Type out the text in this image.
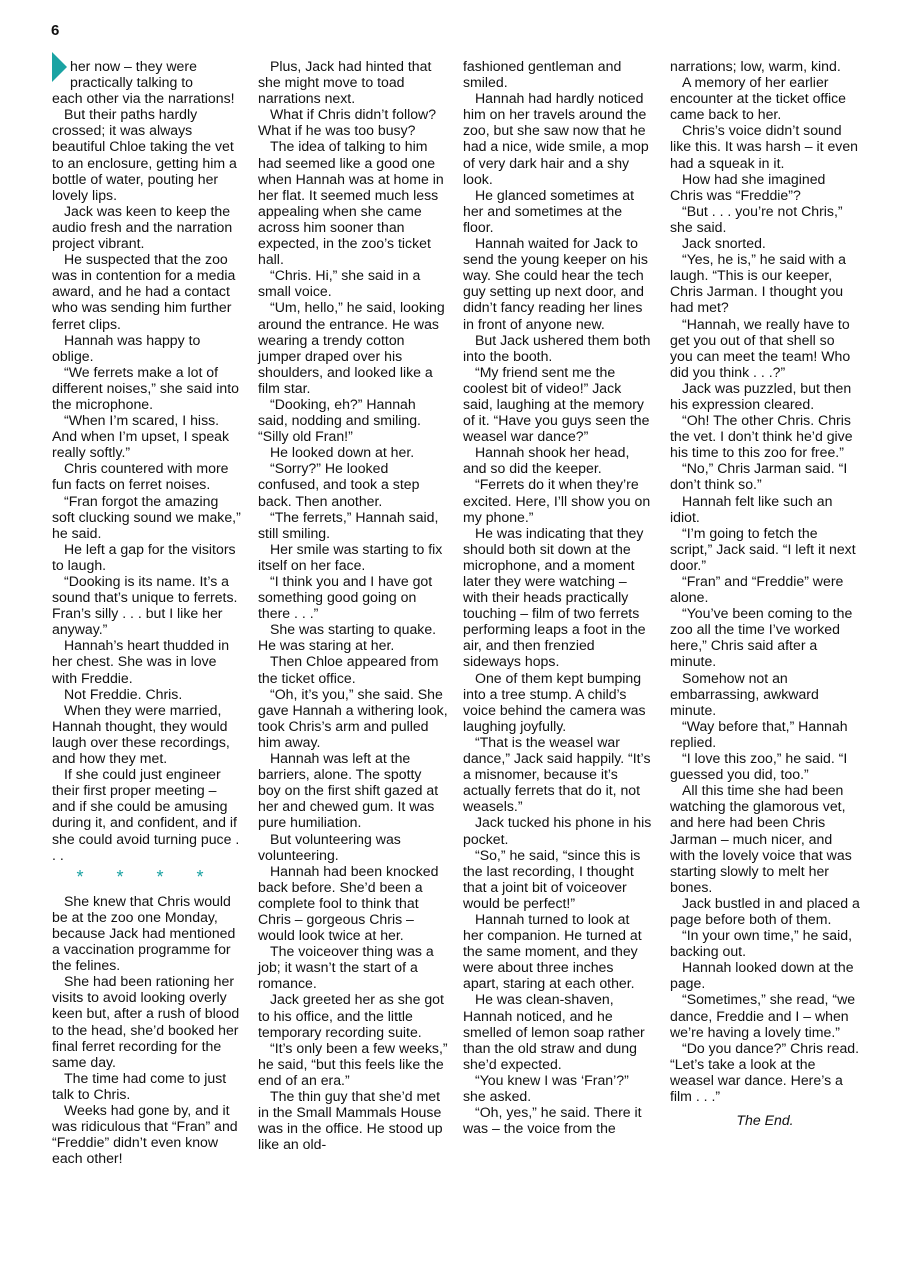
6

her now – they were

practically talking to

each other via the narrations!

But their paths hardly crossed; it was always beautiful Chloe taking the vet to an enclosure, getting him a bottle of water, pouting her lovely lips.

Jack was keen to keep the audio fresh and the narration project vibrant.

He suspected that the zoo was in contention for a media award, and he had a contact who was sending him further ferret clips.

Hannah was happy to oblige.

“We ferrets make a lot of different noises,” she said into the microphone.

“When I’m scared, I hiss. And when I’m upset, I speak really softly.”

Chris countered with more fun facts on ferret noises.

“Fran forgot the amazing soft clucking sound we make,” he said.

He left a gap for the visitors to laugh.

“Dooking is its name. It’s a sound that’s unique to ferrets. Fran’s silly . . . but I like her anyway.”

Hannah’s heart thudded in her chest. She was in love with Freddie.

Not Freddie. Chris.

When they were married, Hannah thought, they would laugh over these recordings, and how they met.

If she could just engineer their first proper meeting – and if she could be amusing during it, and confident, and if she could avoid turning puce . . .

* * * *

She knew that Chris would be at the zoo one Monday, because Jack had mentioned a vaccination programme for the felines.

She had been rationing her visits to avoid looking overly keen but, after a rush of blood to the head, she’d booked her final ferret recording for the same day.

The time had come to just talk to Chris.

Weeks had gone by, and it was ridiculous that “Fran” and “Freddie” didn’t even know each other!

Plus, Jack had hinted that she might move to toad narrations next.

What if Chris didn’t follow? What if he was too busy?

The idea of talking to him had seemed like a good one when Hannah was at home in her flat. It seemed much less appealing when she came across him sooner than expected, in the zoo’s ticket hall.

“Chris. Hi,” she said in a small voice.

“Um, hello,” he said, looking around the entrance. He was wearing a trendy cotton jumper draped over his shoulders, and looked like a film star.

“Dooking, eh?” Hannah said, nodding and smiling. “Silly old Fran!”

He looked down at her.

“Sorry?” He looked confused, and took a step back. Then another.

“The ferrets,” Hannah said, still smiling.

Her smile was starting to fix itself on her face.

“I think you and I have got something good going on there . . .”

She was starting to quake. He was staring at her.

Then Chloe appeared from the ticket office.

“Oh, it’s you,” she said. She gave Hannah a withering look, took Chris’s arm and pulled him away.

Hannah was left at the barriers, alone. The spotty boy on the first shift gazed at her and chewed gum. It was pure humiliation.

But volunteering was volunteering.

Hannah had been knocked back before. She’d been a complete fool to think that Chris – gorgeous Chris – would look twice at her.

The voiceover thing was a job; it wasn’t the start of a romance.

Jack greeted her as she got to his office, and the little temporary recording suite.

“It’s only been a few weeks,” he said, “but this feels like the end of an era.”

The thin guy that she’d met in the Small Mammals House was in the office. He stood up like an old-

fashioned gentleman and smiled.

Hannah had hardly noticed him on her travels around the zoo, but she saw now that he had a nice, wide smile, a mop of very dark hair and a shy look.

He glanced sometimes at her and sometimes at the floor.

Hannah waited for Jack to send the young keeper on his way. She could hear the tech guy setting up next door, and didn’t fancy reading her lines in front of anyone new.

But Jack ushered them both into the booth.

“My friend sent me the coolest bit of video!” Jack said, laughing at the memory of it. “Have you guys seen the weasel war dance?”

Hannah shook her head, and so did the keeper.

“Ferrets do it when they’re excited. Here, I’ll show you on my phone.”

He was indicating that they should both sit down at the microphone, and a moment later they were watching – with their heads practically touching – film of two ferrets performing leaps a foot in the air, and then frenzied sideways hops.

One of them kept bumping into a tree stump. A child’s voice behind the camera was laughing joyfully.

“That is the weasel war dance,” Jack said happily. “It’s a misnomer, because it’s actually ferrets that do it, not weasels.”

Jack tucked his phone in his pocket.

“So,” he said, “since this is the last recording, I thought that a joint bit of voiceover would be perfect!”

Hannah turned to look at her companion. He turned at the same moment, and they were about three inches apart, staring at each other.

He was clean-shaven, Hannah noticed, and he smelled of lemon soap rather than the old straw and dung she’d expected.

“You knew I was ‘Fran’?” she asked.

“Oh, yes,” he said. There it was – the voice from the

narrations; low, warm, kind.

A memory of her earlier encounter at the ticket office came back to her.

Chris’s voice didn’t sound like this. It was harsh – it even had a squeak in it.

How had she imagined Chris was “Freddie”?

“But . . . you’re not Chris,” she said.

Jack snorted.

“Yes, he is,” he said with a laugh. “This is our keeper, Chris Jarman. I thought you had met?

“Hannah, we really have to get you out of that shell so you can meet the team! Who did you think . . .?”

Jack was puzzled, but then his expression cleared.

“Oh! The other Chris. Chris the vet. I don’t think he’d give his time to this zoo for free.”

“No,” Chris Jarman said. “I don’t think so.”

Hannah felt like such an idiot.

“I’m going to fetch the script,” Jack said. “I left it next door.”

“Fran” and “Freddie” were alone.

“You’ve been coming to the zoo all the time I’ve worked here,” Chris said after a minute.

Somehow not an embarrassing, awkward minute.

“Way before that,” Hannah replied.

“I love this zoo,” he said. “I guessed you did, too.”

All this time she had been watching the glamorous vet, and here had been Chris Jarman – much nicer, and with the lovely voice that was starting slowly to melt her bones.

Jack bustled in and placed a page before both of them.

“In your own time,” he said, backing out.

Hannah looked down at the page.

“Sometimes,” she read, “we dance, Freddie and I – when we’re having a lovely time.”

“Do you dance?” Chris read. “Let’s take a look at the weasel war dance. Here’s a film . . .”

The End.
